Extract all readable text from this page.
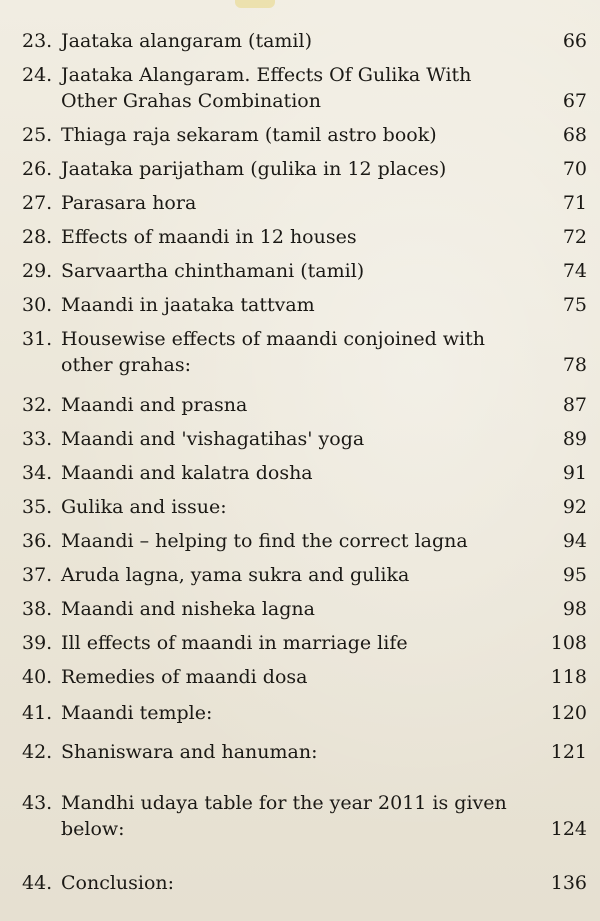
23. Jaataka alangaram (tamil)	66
24. Jaataka Alangaram. Effects Of Gulika With
Other Grahas Combination	67
25. Thiaga raja sekaram (tamil astro book)	68
26. Jaataka parijatham (gulika in 12 places)	70
27. Parasara hora	71
28. Effects of maandi in 12 houses	72
29. Sarvaartha chinthamani (tamil)	74
30. Maandi in jaataka tattvam	75
31. Housewise effects of maandi conjoined with
other grahas:	78
32. Maandi and prasna	87
33. Maandi and 'vishagatihas' yoga	89
34. Maandi and kalatra dosha	91
35. Gulika and issue:	92
36. Maandi – helping to find the correct lagna	94
37. Aruda lagna, yama sukra and gulika	95
38. Maandi and nisheka lagna	98
39. Ill effects of maandi in marriage life	108
40. Remedies of maandi dosa	118
41. Maandi temple:	120
42. Shaniswara and hanuman:	121
43. Mandhi udaya table for the year 2011 is given
below:	124
44. Conclusion:	136
